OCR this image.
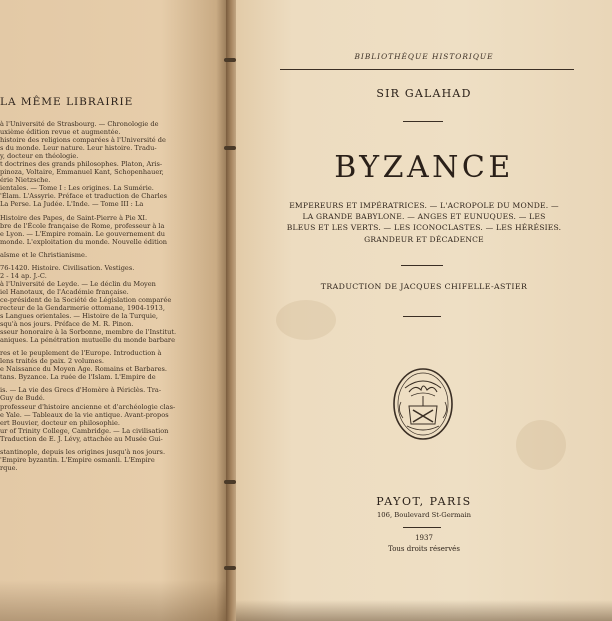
LA MÊME LIBRAIRIE
à l'Université de Strasbourg. — Chronologie de
uxième édition revue et augmentée.
histoire des religions comparées à l'Université de
s du monde. Leur nature. Leur histoire. Tradu-
y, docteur en théologie.
t doctrines des grands philosophes. Platon, Aris-
pinoza, Voltaire, Emmanuel Kant, Schopenhauer,
érie Nietzsche.
ientales. — Tome I : Les origines. La Sumérie.
'Élam. L'Assyrie. Préface et traduction de Charles
La Perse. La Judée. L'Inde. — Tome III : La
Histoire des Papes, de Saint-Pierre à Pie XI.
bre de l'École française de Rome, professeur à la
e Lyon. — L'Empire romain. Le gouvernement du
monde. L'exploitation du monde. Nouvelle édition
aïsme et le Christianisme.
76-1420. Histoire. Civilisation. Vestiges.
2 - 14 ap. J.-C.
à l'Université de Leyde. — Le déclin du Moyen
iel Hanotaux, de l'Académie française.
ce-président de la Société de Législation comparée
recteur de la Gendarmerie ottomane, 1904-1913,
s Langues orientales. — Histoire de la Turquie,
squ'à nos jours. Préface de M. R. Pinon.
sseur honoraire à la Sorbonne, membre de l'Institut.
aniques. La pénétration mutuelle du monde barbare
res et le peuplement de l'Europe. Introduction à
lens traités de paix. 2 volumes.
e Naissance du Moyen Age. Romains et Barbares.
tans. Byzance. La ruée de l'Islam. L'Empire de
is. — La vie des Grecs d'Homère à Périclès. Tra-
Guy de Budé.
professeur d'histoire ancienne et d'archéologie clas-
e Yale. — Tableaux de la vie antique. Avant-propos
ert Bouvier, docteur en philosophie.
ur of Trinity College, Cambridge. — La civilisation
Traduction de E. J. Lévy, attachée au Musée Gui-
stantinople, depuis les origines jusqu'à nos jours.
'Empire byzantin. L'Empire osmanli. L'Empire
rque.
BIBLIOTHÈQUE HISTORIQUE
SIR GALAHAD
BYZANCE
EMPEREURS ET IMPÉRATRICES. — L'ACROPOLE DU MONDE. —
LA GRANDE BABYLONE. — ANGES ET EUNUQUES. — LES
BLEUS ET LES VERTS. — LES ICONOCLASTES. — LES HÉRÉSIES.
GRANDEUR ET DÉCADENCE
TRADUCTION DE JACQUES CHIFELLE-ASTIER
PAYOT, PARIS
106, Boulevard St-Germain
1937
Tous droits réservés
